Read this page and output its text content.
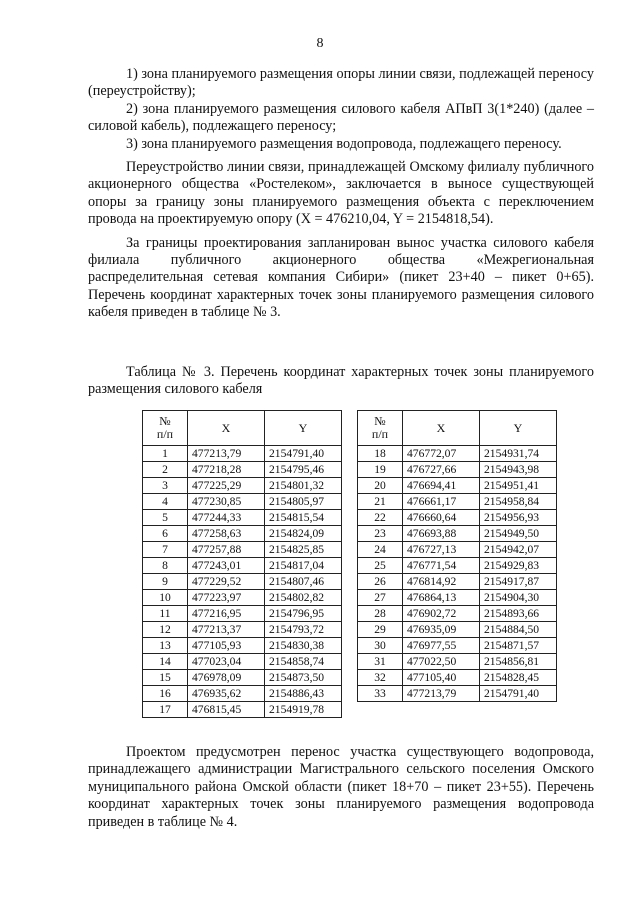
8

1) зона планируемого размещения опоры линии связи, подлежащей переносу (переустройству);

2) зона планируемого размещения силового кабеля АПвП 3(1*240) (далее – силовой кабель), подлежащего переносу;

3) зона планируемого размещения водопровода, подлежащего переносу.

Переустройство линии связи, принадлежащей Омскому филиалу публичного акционерного общества «Ростелеком», заключается в выносе существующей опоры за границу зоны планируемого размещения объекта с переключением провода на проектируемую опору (X = 476210,04, Y = 2154818,54).

За границы проектирования запланирован вынос участка силового кабеля филиала публичного акционерного общества «Межрегиональная распределительная сетевая компания Сибири» (пикет 23+40 – пикет 0+65). Перечень координат характерных точек зоны планируемого размещения силового кабеля приведен в таблице № 3.

Таблица № 3. Перечень координат характерных точек зоны планируемого размещения силового кабеля

№
п/п	X	Y
1	477213,79	2154791,40
2	477218,28	2154795,46
3	477225,29	2154801,32
4	477230,85	2154805,97
5	477244,33	2154815,54
6	477258,63	2154824,09
7	477257,88	2154825,85
8	477243,01	2154817,04
9	477229,52	2154807,46
10	477223,97	2154802,82
11	477216,95	2154796,95
12	477213,37	2154793,72
13	477105,93	2154830,38
14	477023,04	2154858,74
15	476978,09	2154873,50
16	476935,62	2154886,43
17	476815,45	2154919,78
№
п/п	X	Y
18	476772,07	2154931,74
19	476727,66	2154943,98
20	476694,41	2154951,41
21	476661,17	2154958,84
22	476660,64	2154956,93
23	476693,88	2154949,50
24	476727,13	2154942,07
25	476771,54	2154929,83
26	476814,92	2154917,87
27	476864,13	2154904,30
28	476902,72	2154893,66
29	476935,09	2154884,50
30	476977,55	2154871,57
31	477022,50	2154856,81
32	477105,40	2154828,45
33	477213,79	2154791,40

Проектом предусмотрен перенос участка существующего водопровода, принадлежащего администрации Магистрального сельского поселения Омского муниципального района Омской области (пикет 18+70 – пикет 23+55). Перечень координат характерных точек зоны планируемого размещения водопровода приведен в таблице № 4.
